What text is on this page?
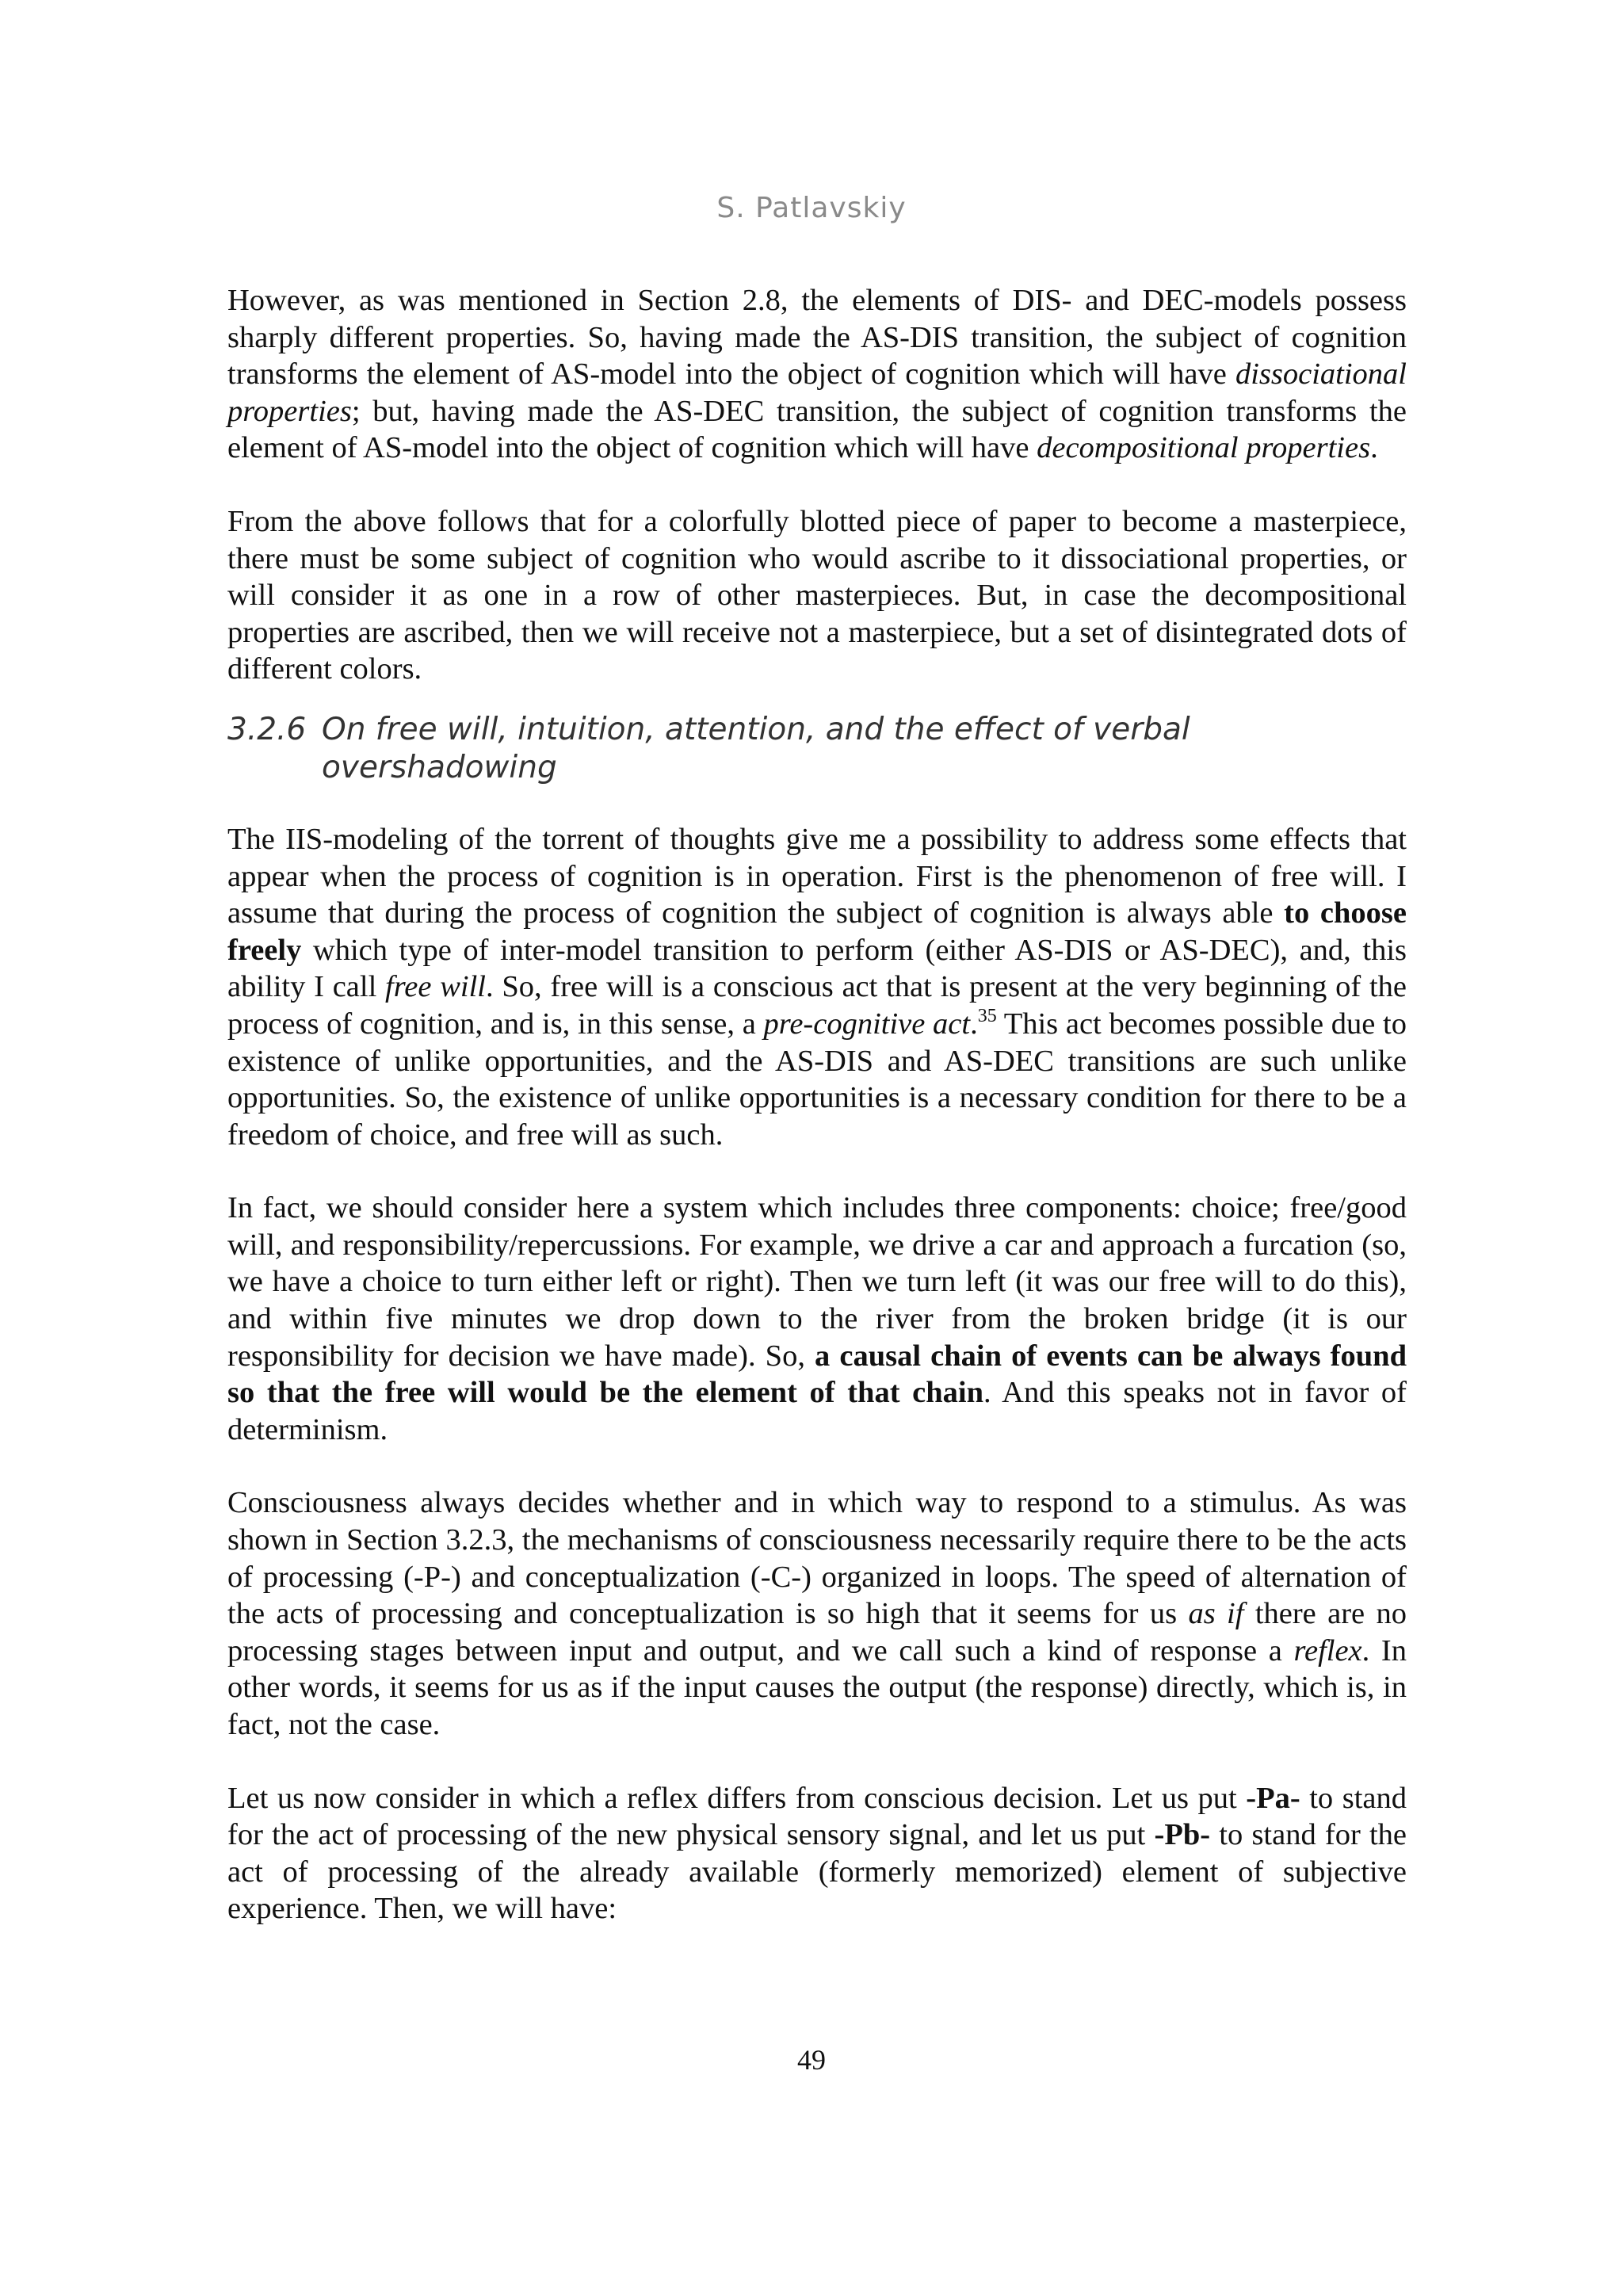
S. Patlavskiy

However, as was mentioned in Section 2.8, the elements of DIS- and DEC-models possess sharply different properties. So, having made the AS-DIS transition, the subject of cognition transforms the element of AS-model into the object of cognition which will have dissociational properties; but, having made the AS-DEC transition, the subject of cognition transforms the element of AS-model into the object of cognition which will have decompositional properties.

From the above follows that for a colorfully blotted piece of paper to become a masterpiece, there must be some subject of cognition who would ascribe to it dissociational properties, or will consider it as one in a row of other masterpieces. But, in case the decompositional properties are ascribed, then we will receive not a masterpiece, but a set of disintegrated dots of different colors.

3.2.6 On free will, intuition, attention, and the effect of verbal overshadowing

The IIS-modeling of the torrent of thoughts give me a possibility to address some effects that appear when the process of cognition is in operation. First is the phenomenon of free will. I assume that during the process of cognition the subject of cognition is always able to choose freely which type of inter-model transition to perform (either AS-DIS or AS-DEC), and, this ability I call free will. So, free will is a conscious act that is present at the very beginning of the process of cognition, and is, in this sense, a pre-cognitive act.$^{35}$ This act becomes possible due to existence of unlike opportunities, and the AS-DIS and AS-DEC transitions are such unlike opportunities. So, the existence of unlike opportunities is a necessary condition for there to be a freedom of choice, and free will as such.

In fact, we should consider here a system which includes three components: choice; free/good will, and responsibility/repercussions. For example, we drive a car and approach a furcation (so, we have a choice to turn either left or right). Then we turn left (it was our free will to do this), and within five minutes we drop down to the river from the broken bridge (it is our responsibility for decision we have made). So, a causal chain of events can be always found so that the free will would be the element of that chain. And this speaks not in favor of determinism.

Consciousness always decides whether and in which way to respond to a stimulus. As was shown in Section 3.2.3, the mechanisms of consciousness necessarily require there to be the acts of processing (-P-) and conceptualization (-C-) organized in loops. The speed of alternation of the acts of processing and conceptualization is so high that it seems for us as if there are no processing stages between input and output, and we call such a kind of response a reflex. In other words, it seems for us as if the input causes the output (the response) directly, which is, in fact, not the case.

Let us now consider in which a reflex differs from conscious decision. Let us put -Pa- to stand for the act of processing of the new physical sensory signal, and let us put -Pb- to stand for the act of processing of the already available (formerly memorized) element of subjective experience. Then, we will have:

49
